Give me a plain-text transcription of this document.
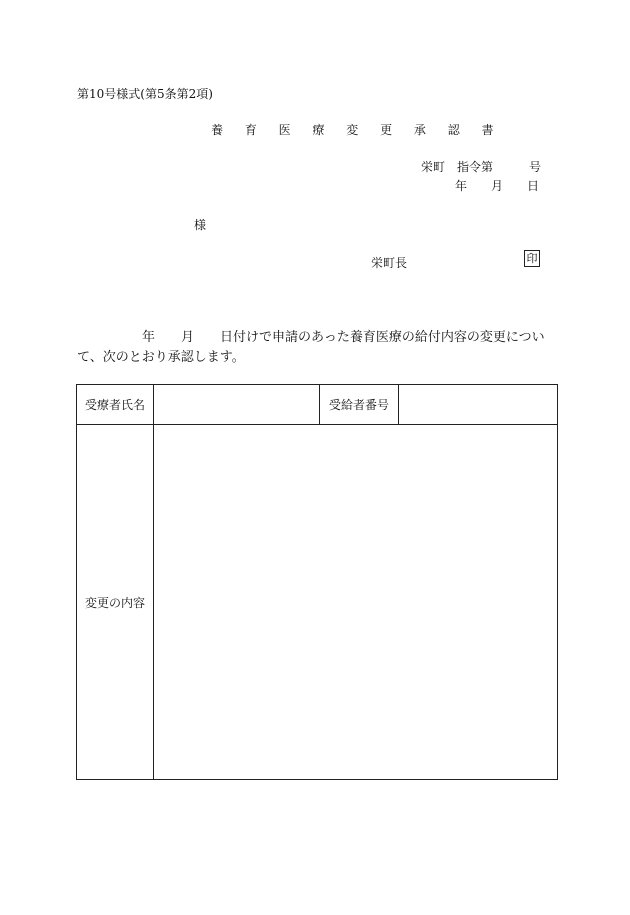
第10号様式(第5条第2項)
養 育 医 療 変 更 承 認 書
栄町　指令第　　　号
年　　月　　日
様
栄町長	印
　　　　　年　　月　　日付けで申請のあった養育医療の給付内容の変更について、次のとおり承認します。
受療者氏名		受給者番号	
変更の内容			
